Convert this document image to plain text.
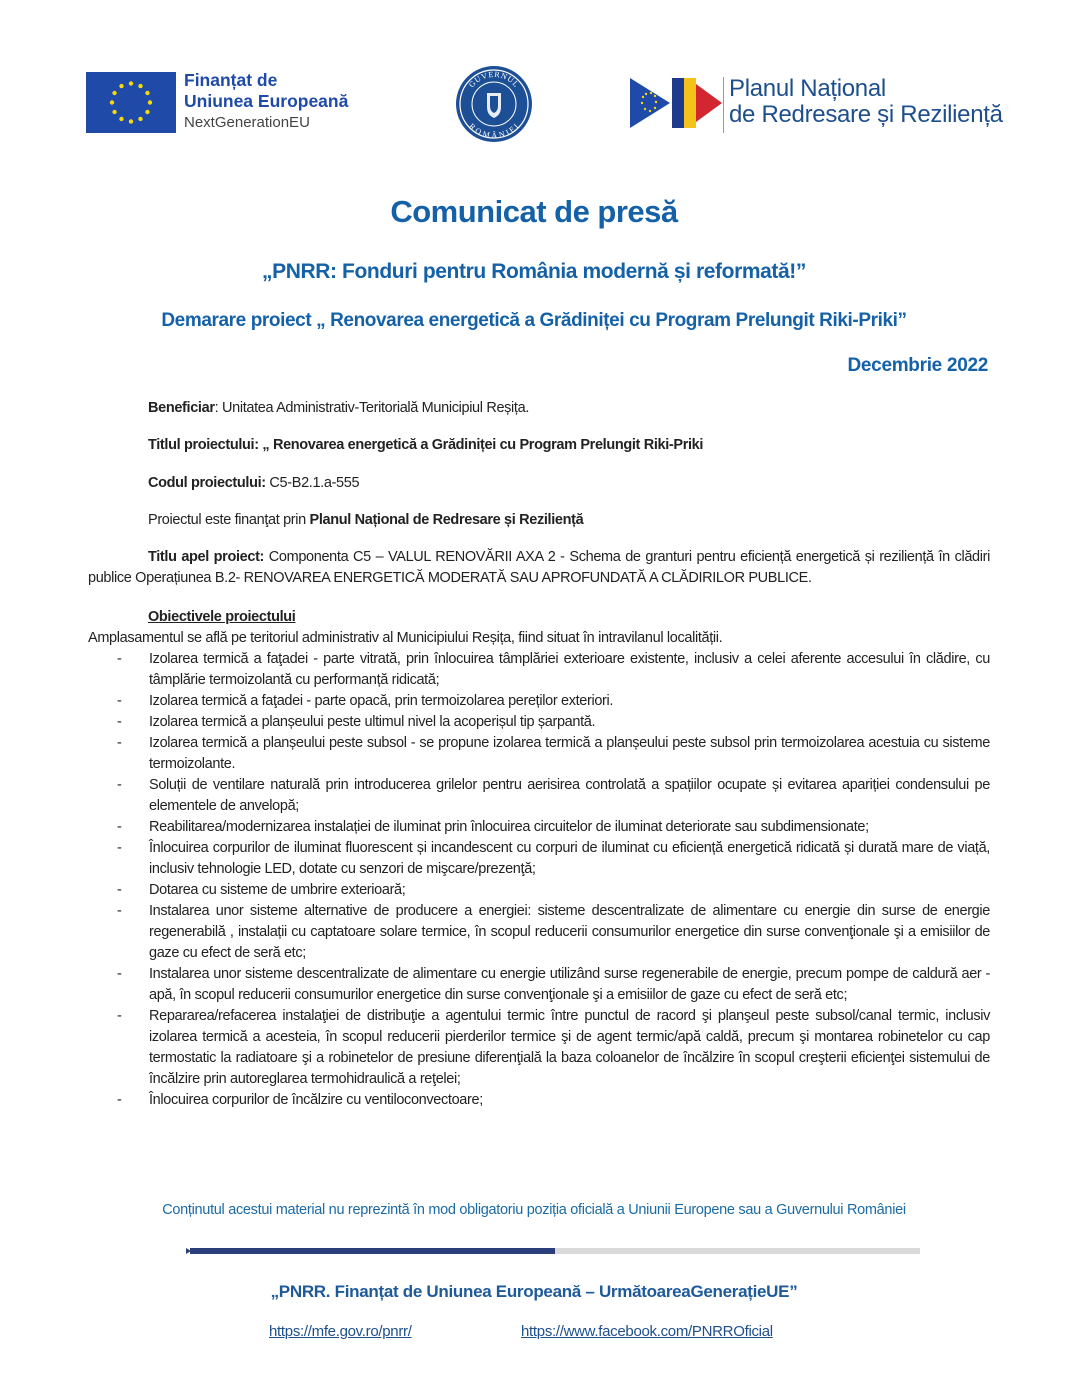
Finanțat de
Uniunea Europeană
NextGenerationEU
GUVERNUL
ROMÂNIEI
Planul Național
de Redresare și Reziliență
Comunicat de presă
„PNRR: Fonduri pentru România modernă și reformată!”
Demarare proiect „ Renovarea energetică a Grădiniței cu Program Prelungit Riki-Priki”
Decembrie 2022
Beneficiar: Unitatea Administrativ-Teritorială Municipiul Reșița.
Titlul proiectului: „ Renovarea energetică a Grădiniței cu Program Prelungit Riki-Priki
Codul proiectului: C5-B2.1.a-555
Proiectul este finanţat prin Planul Național de Redresare și Reziliență
Titlu apel proiect: Componenta C5 – VALUL RENOVĂRII AXA 2 - Schema de granturi pentru eficiență energetică și reziliență în clădiri publice Operațiunea B.2- RENOVAREA ENERGETICĂ MODERATĂ SAU APROFUNDATĂ A CLĂDIRILOR PUBLICE.
Obiectivele proiectului
Amplasamentul se află pe teritoriul administrativ al Municipiului Reșița, fiind situat în intravilanul localității.
- Izolarea termică a faţadei - parte vitrată, prin înlocuirea tâmplăriei exterioare existente, inclusiv a celei aferente accesului în clădire, cu tâmplărie termoizolantă cu performanță ridicată;
- Izolarea termică a faţadei - parte opacă, prin termoizolarea pereților exteriori.
- Izolarea termică a planșeului peste ultimul nivel la acoperișul tip șarpantă.
- Izolarea termică a planșeului peste subsol - se propune izolarea termică a planșeului peste subsol prin termoizolarea acestuia cu sisteme termoizolante.
- Soluții de ventilare naturală prin introducerea grilelor pentru aerisirea controlată a spațiilor ocupate și evitarea apariției condensului pe elementele de anvelopă;
- Reabilitarea/modernizarea instalației de iluminat prin înlocuirea circuitelor de iluminat deteriorate sau subdimensionate;
- Înlocuirea corpurilor de iluminat fluorescent și incandescent cu corpuri de iluminat cu eficiență energetică ridicată și durată mare de viață, inclusiv tehnologie LED, dotate cu senzori de mişcare/prezenţă;
- Dotarea cu sisteme de umbrire exterioară;
- Instalarea unor sisteme alternative de producere a energiei: sisteme descentralizate de alimentare cu energie din surse de energie regenerabilă , instalații cu captatoare solare termice, în scopul reducerii consumurilor energetice din surse convenţionale şi a emisiilor de gaze cu efect de seră etc;
- Instalarea unor sisteme descentralizate de alimentare cu energie utilizând surse regenerabile de energie, precum pompe de caldură aer - apă, în scopul reducerii consumurilor energetice din surse convenţionale şi a emisiilor de gaze cu efect de seră etc;
- Repararea/refacerea instalaţiei de distribuţie a agentului termic între punctul de racord şi planşeul peste subsol/canal termic, inclusiv izolarea termică a acesteia, în scopul reducerii pierderilor termice şi de agent termic/apă caldă, precum şi montarea robinetelor cu cap termostatic la radiatoare şi a robinetelor de presiune diferenţială la baza coloanelor de încălzire în scopul creşterii eficienţei sistemului de încălzire prin autoreglarea termohidraulică a reţelei;
- Înlocuirea corpurilor de încălzire cu ventiloconvectoare;
Conținutul acestui material nu reprezintă în mod obligatoriu poziția oficială a Uniunii Europene sau a Guvernului României
„PNRR. Finanțat de Uniunea Europeană – UrmătoareaGenerațieUE”
https://mfe.gov.ro/pnrr/	https://www.facebook.com/PNRROficial
